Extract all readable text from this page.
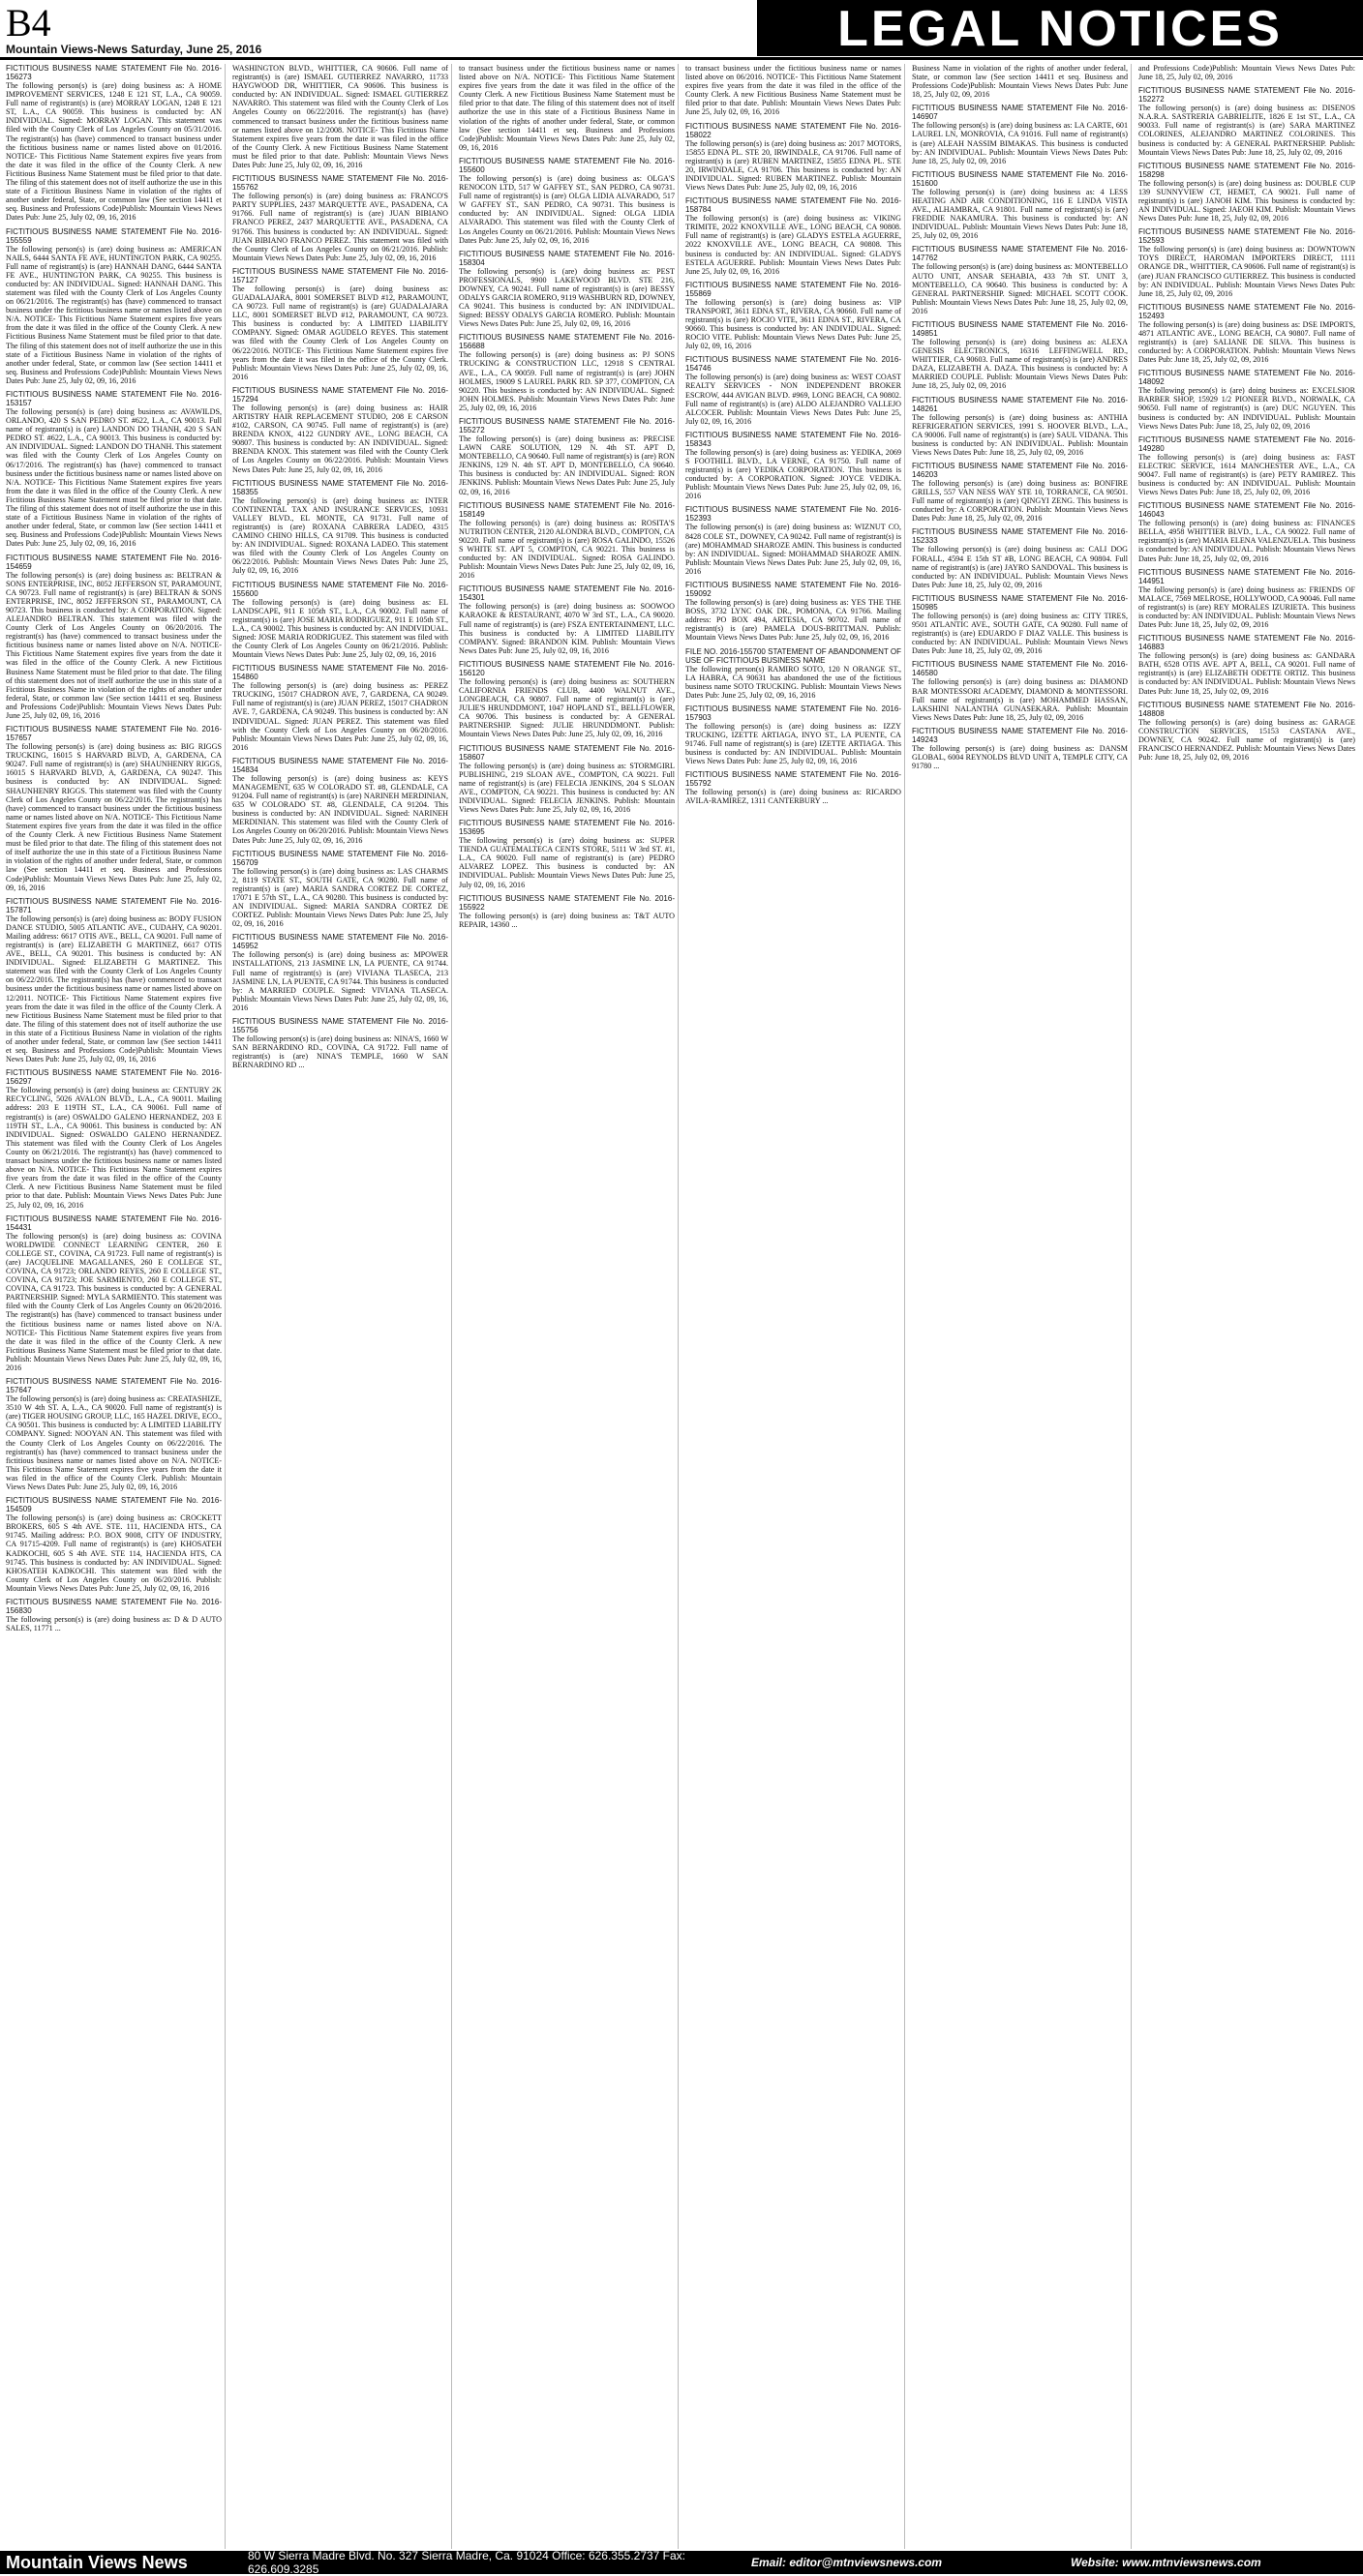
B4
Mountain Views-News Saturday, June 25, 2016	LEGAL NOTICES

FICTITIOUS BUSINESS NAME STATEMENT File No. 2016-156273

The following person(s) is (are) doing business as: A HOME IMPROVEMENT SERVICES, 1248 E 121 ST, L.A., CA 90059. Full name of registrant(s) is (are) MORRAY LOGAN, 1248 E 121 ST, L.A., CA 90059. This business is conducted by: AN INDIVIDUAL. Signed: MORRAY LOGAN. This statement was filed with the County Clerk of Los Angeles County on 05/31/2016. The registrant(s) has (have) commenced to transact business under the fictitious business name or names listed above on 01/2016. NOTICE- This Fictitious Name Statement expires five years from the date it was filed in the office of the County Clerk. A new Fictitious Business Name Statement must be filed prior to that date. The filing of this statement does not of itself authorize the use in this state of a Fictitious Business Name in violation of the rights of another under federal, State, or common law (See section 14411 et seq. Business and Professions Code)Publish: Mountain Views News Dates Pub: June 25, July 02, 09, 16, 2016

FICTITIOUS BUSINESS NAME STATEMENT File No. 2016-155559

The following person(s) is (are) doing business as: AMERICAN NAILS, 6444 SANTA FE AVE, HUNTINGTON PARK, CA 90255. Full name of registrant(s) is (are) HANNAH DANG, 6444 SANTA FE AVE., HUNTINGTON PARK, CA 90255. This business is conducted by: AN INDIVIDUAL. Signed: HANNAH DANG. This statement was filed with the County Clerk of Los Angeles County on 06/21/2016. The registrant(s) has (have) commenced to transact business under the fictitious business name or names listed above on N/A. NOTICE- This Fictitious Name Statement expires five years from the date it was filed in the office of the County Clerk. A new Fictitious Business Name Statement must be filed prior to that date. The filing of this statement does not of itself authorize the use in this state of a Fictitious Business Name in violation of the rights of another under federal, State, or common law (See section 14411 et seq. Business and Professions Code)Publish: Mountain Views News Dates Pub: June 25, July 02, 09, 16, 2016

FICTITIOUS BUSINESS NAME STATEMENT File No. 2016-153157

The following person(s) is (are) doing business as: AVAWILDS, ORLANDO, 420 S SAN PEDRO ST. #622, L.A., CA 90013. Full name of registrant(s) is (are) LANDON DO THANH, 420 S SAN PEDRO ST. #622, L.A., CA 90013. This business is conducted by: AN INDIVIDUAL. Signed: LANDON DO THANH. This statement was filed with the County Clerk of Los Angeles County on 06/17/2016. The registrant(s) has (have) commenced to transact business under the fictitious business name or names listed above on N/A. NOTICE- This Fictitious Name Statement expires five years from the date it was filed in the office of the County Clerk. A new Fictitious Business Name Statement must be filed prior to that date. The filing of this statement does not of itself authorize the use in this state of a Fictitious Business Name in violation of the rights of another under federal, State, or common law (See section 14411 et seq. Business and Professions Code)Publish: Mountain Views News Dates Pub: June 25, July 02, 09, 16, 2016

FICTITIOUS BUSINESS NAME STATEMENT File No. 2016-154659

The following person(s) is (are) doing business as: BELTRAN & SONS ENTERPRISE, INC, 8052 JEFFERSON ST, PARAMOUNT, CA 90723. Full name of registrant(s) is (are) BELTRAN & SONS ENTERPRISE, INC, 8052 JEFFERSON ST., PARAMOUNT, CA 90723. This business is conducted by: A CORPORATION. Signed: ALEJANDRO BELTRAN. This statement was filed with the County Clerk of Los Angeles County on 06/20/2016. The registrant(s) has (have) commenced to transact business under the fictitious business name or names listed above on N/A. NOTICE- This Fictitious Name Statement expires five years from the date it was filed in the office of the County Clerk. A new Fictitious Business Name Statement must be filed prior to that date. The filing of this statement does not of itself authorize the use in this state of a Fictitious Business Name in violation of the rights of another under federal, State, or common law (See section 14411 et seq. Business and Professions Code)Publish: Mountain Views News Dates Pub: June 25, July 02, 09, 16, 2016

FICTITIOUS BUSINESS NAME STATEMENT File No. 2016-157657

The following person(s) is (are) doing business as: BIG RIGGS TRUCKING, 16015 S HARVARD BLVD, A, GARDENA, CA 90247. Full name of registrant(s) is (are) SHAUNHENRY RIGGS, 16015 S HARVARD BLVD, A, GARDENA, CA 90247. This business is conducted by: AN INDIVIDUAL. Signed: SHAUNHENRY RIGGS. This statement was filed with the County Clerk of Los Angeles County on 06/22/2016. The registrant(s) has (have) commenced to transact business under the fictitious business name or names listed above on N/A. NOTICE- This Fictitious Name Statement expires five years from the date it was filed in the office of the County Clerk. A new Fictitious Business Name Statement must be filed prior to that date. The filing of this statement does not of itself authorize the use in this state of a Fictitious Business Name in violation of the rights of another under federal, State, or common law (See section 14411 et seq. Business and Professions Code)Publish: Mountain Views News Dates Pub: June 25, July 02, 09, 16, 2016

FICTITIOUS BUSINESS NAME STATEMENT File No. 2016-157871

The following person(s) is (are) doing business as: BODY FUSION DANCE STUDIO, 5005 ATLANTIC AVE., CUDAHY, CA 90201. Mailing address: 6617 OTIS AVE., BELL, CA 90201. Full name of registrant(s) is (are) ELIZABETH G MARTINEZ, 6617 OTIS AVE., BELL, CA 90201. This business is conducted by: AN INDIVIDUAL. Signed: ELIZABETH G MARTINEZ. This statement was filed with the County Clerk of Los Angeles County on 06/22/2016. The registrant(s) has (have) commenced to transact business under the fictitious business name or names listed above on 12/2011. NOTICE- This Fictitious Name Statement expires five years from the date it was filed in the office of the County Clerk. A new Fictitious Business Name Statement must be filed prior to that date. The filing of this statement does not of itself authorize the use in this state of a Fictitious Business Name in violation of the rights of another under federal, State, or common law (See section 14411 et seq. Business and Professions Code)Publish: Mountain Views News Dates Pub: June 25, July 02, 09, 16, 2016

FICTITIOUS BUSINESS NAME STATEMENT File No. 2016-156297

The following person(s) is (are) doing business as: CENTURY 2K RECYCLING, 5026 AVALON BLVD., L.A., CA 90011. Mailing address: 203 E 119TH ST., L.A., CA 90061. Full name of registrant(s) is (are) OSWALDO GALENO HERNANDEZ, 203 E 119TH ST., L.A., CA 90061. This business is conducted by: AN INDIVIDUAL. Signed: OSWALDO GALENO HERNANDEZ. This statement was filed with the County Clerk of Los Angeles County on 06/21/2016. The registrant(s) has (have) commenced to transact business under the fictitious business name or names listed above on N/A. NOTICE- This Fictitious Name Statement expires five years from the date it was filed in the office of the County Clerk. A new Fictitious Business Name Statement must be filed prior to that date. Publish: Mountain Views News Dates Pub: June 25, July 02, 09, 16, 2016

FICTITIOUS BUSINESS NAME STATEMENT File No. 2016-154431

The following person(s) is (are) doing business as: COVINA WORLDWIDE CONNECT LEARNING CENTER, 260 E COLLEGE ST., COVINA, CA 91723. Full name of registrant(s) is (are) JACQUELINE MAGALLANES, 260 E COLLEGE ST., COVINA, CA 91723; ORLANDO REYES, 260 E COLLEGE ST., COVINA, CA 91723; JOE SARMIENTO, 260 E COLLEGE ST., COVINA, CA 91723. This business is conducted by: A GENERAL PARTNERSHIP. Signed: MYLA SARMIENTO. This statement was filed with the County Clerk of Los Angeles County on 06/20/2016. The registrant(s) has (have) commenced to transact business under the fictitious business name or names listed above on N/A. NOTICE- This Fictitious Name Statement expires five years from the date it was filed in the office of the County Clerk. A new Fictitious Business Name Statement must be filed prior to that date. Publish: Mountain Views News Dates Pub: June 25, July 02, 09, 16, 2016

FICTITIOUS BUSINESS NAME STATEMENT File No. 2016-157647

The following person(s) is (are) doing business as: CREATASHIZE, 3510 W 4th ST. A, L.A., CA 90020. Full name of registrant(s) is (are) TIGER HOUSING GROUP, LLC, 165 HAZEL DRIVE, ECO., CA 90501. This business is conducted by: A LIMITED LIABILITY COMPANY. Signed: NOOYAN AN. This statement was filed with the County Clerk of Los Angeles County on 06/22/2016. The registrant(s) has (have) commenced to transact business under the fictitious business name or names listed above on N/A. NOTICE- This Fictitious Name Statement expires five years from the date it was filed in the office of the County Clerk. Publish: Mountain Views News Dates Pub: June 25, July 02, 09, 16, 2016

FICTITIOUS BUSINESS NAME STATEMENT File No. 2016-154509

The following person(s) is (are) doing business as: CROCKETT BROKERS, 605 S 4th AVE. STE. 111, HACIENDA HTS., CA 91745. Mailing address: P.O. BOX 9008, CITY OF INDUSTRY, CA 91715-4209. Full name of registrant(s) is (are) KHOSATEH KADKOCHI, 605 S 4th AVE. STE 114, HACIENDA HTS, CA 91745. This business is conducted by: AN INDIVIDUAL. Signed: KHOSATEH KADKOCHI. This statement was filed with the County Clerk of Los Angeles County on 06/20/2016. Publish: Mountain Views News Dates Pub: June 25, July 02, 09, 16, 2016

FICTITIOUS BUSINESS NAME STATEMENT File No. 2016-156830

The following person(s) is (are) doing business as: D & D AUTO SALES, 11771 ...

WASHINGTON BLVD., WHITTIER, CA 90606. Full name of registrant(s) is (are) ISMAEL GUTIERREZ NAVARRO, 11733 HAYGWOOD DR, WHITTIER, CA 90606. This business is conducted by: AN INDIVIDUAL. Signed: ISMAEL GUTIERREZ NAVARRO. This statement was filed with the County Clerk of Los Angeles County on 06/22/2016. The registrant(s) has (have) commenced to transact business under the fictitious business name or names listed above on 12/2008. NOTICE- This Fictitious Name Statement expires five years from the date it was filed in the office of the County Clerk. A new Fictitious Business Name Statement must be filed prior to that date. Publish: Mountain Views News Dates Pub: June 25, July 02, 09, 16, 2016

FICTITIOUS BUSINESS NAME STATEMENT File No. 2016-155762

The following person(s) is (are) doing business as: FRANCO'S PARTY SUPPLIES, 2437 MARQUETTE AVE., PASADENA, CA 91766. Full name of registrant(s) is (are) JUAN BIBIANO FRANCO PEREZ, 2437 MARQUETTE AVE., PASADENA, CA 91766. This business is conducted by: AN INDIVIDUAL. Signed: JUAN BIBIANO FRANCO PEREZ. This statement was filed with the County Clerk of Los Angeles County on 06/21/2016. Publish: Mountain Views News Dates Pub: June 25, July 02, 09, 16, 2016

FICTITIOUS BUSINESS NAME STATEMENT File No. 2016-157127

The following person(s) is (are) doing business as: GUADALAJARA, 8001 SOMERSET BLVD #12, PARAMOUNT, CA 90723. Full name of registrant(s) is (are) GUADALAJARA LLC, 8001 SOMERSET BLVD #12, PARAMOUNT, CA 90723. This business is conducted by: A LIMITED LIABILITY COMPANY. Signed: OMAR AGUDELO REYES. This statement was filed with the County Clerk of Los Angeles County on 06/22/2016. NOTICE- This Fictitious Name Statement expires five years from the date it was filed in the office of the County Clerk. Publish: Mountain Views News Dates Pub: June 25, July 02, 09, 16, 2016

FICTITIOUS BUSINESS NAME STATEMENT File No. 2016-157294

The following person(s) is (are) doing business as: HAIR ARTISTRY HAIR REPLACEMENT STUDIO, 208 E CARSON #102, CARSON, CA 90745. Full name of registrant(s) is (are) BRENDA KNOX, 4122 GUNDRY AVE., LONG BEACH, CA 90807. This business is conducted by: AN INDIVIDUAL. Signed: BRENDA KNOX. This statement was filed with the County Clerk of Los Angeles County on 06/22/2016. Publish: Mountain Views News Dates Pub: June 25, July 02, 09, 16, 2016

FICTITIOUS BUSINESS NAME STATEMENT File No. 2016-158355

The following person(s) is (are) doing business as: INTER CONTINENTAL TAX AND INSURANCE SERVICES, 10931 VALLEY BLVD., EL MONTE, CA 91731. Full name of registrant(s) is (are) ROXANA CABRERA LADEO, 4315 CAMINO CHINO HILLS, CA 91709. This business is conducted by: AN INDIVIDUAL. Signed: ROXANA LADEO. This statement was filed with the County Clerk of Los Angeles County on 06/22/2016. Publish: Mountain Views News Dates Pub: June 25, July 02, 09, 16, 2016

FICTITIOUS BUSINESS NAME STATEMENT File No. 2016-155600

The following person(s) is (are) doing business as: EL LANDSCAPE, 911 E 105th ST., L.A., CA 90002. Full name of registrant(s) is (are) JOSE MARIA RODRIGUEZ, 911 E 105th ST., L.A., CA 90002. This business is conducted by: AN INDIVIDUAL. Signed: JOSE MARIA RODRIGUEZ. This statement was filed with the County Clerk of Los Angeles County on 06/21/2016. Publish: Mountain Views News Dates Pub: June 25, July 02, 09, 16, 2016

FICTITIOUS BUSINESS NAME STATEMENT File No. 2016-154860

The following person(s) is (are) doing business as: PEREZ TRUCKING, 15017 CHADRON AVE, 7, GARDENA, CA 90249. Full name of registrant(s) is (are) JUAN PEREZ, 15017 CHADRON AVE. 7, GARDENA, CA 90249. This business is conducted by: AN INDIVIDUAL. Signed: JUAN PEREZ. This statement was filed with the County Clerk of Los Angeles County on 06/20/2016. Publish: Mountain Views News Dates Pub: June 25, July 02, 09, 16, 2016

FICTITIOUS BUSINESS NAME STATEMENT File No. 2016-154834

The following person(s) is (are) doing business as: KEYS MANAGEMENT, 635 W COLORADO ST. #8, GLENDALE, CA 91204. Full name of registrant(s) is (are) NARINEH MERDINIAN, 635 W COLORADO ST. #8, GLENDALE, CA 91204. This business is conducted by: AN INDIVIDUAL. Signed: NARINEH MERDINIAN. This statement was filed with the County Clerk of Los Angeles County on 06/20/2016. Publish: Mountain Views News Dates Pub: June 25, July 02, 09, 16, 2016

FICTITIOUS BUSINESS NAME STATEMENT File No. 2016-156709

The following person(s) is (are) doing business as: LAS CHARMS 2, 8119 STATE ST., SOUTH GATE, CA 90280. Full name of registrant(s) is (are) MARIA SANDRA CORTEZ DE CORTEZ, 17071 E 57th ST., L.A., CA 90280. This business is conducted by: AN INDIVIDUAL. Signed: MARIA SANDRA CORTEZ DE CORTEZ. Publish: Mountain Views News Dates Pub: June 25, July 02, 09, 16, 2016

FICTITIOUS BUSINESS NAME STATEMENT File No. 2016-145952

The following person(s) is (are) doing business as: MPOWER INSTALLATIONS, 213 JASMINE LN, LA PUENTE, CA 91744. Full name of registrant(s) is (are) VIVIANA TLASECA, 213 JASMINE LN, LA PUENTE, CA 91744. This business is conducted by: A MARRIED COUPLE. Signed: VIVIANA TLASECA. Publish: Mountain Views News Dates Pub: June 25, July 02, 09, 16, 2016

FICTITIOUS BUSINESS NAME STATEMENT File No. 2016-155756

The following person(s) is (are) doing business as: NINA'S, 1660 W SAN BERNARDINO RD., COVINA, CA 91722. Full name of registrant(s) is (are) NINA'S TEMPLE, 1660 W SAN BERNARDINO RD ...

to transact business under the fictitious business name or names listed above on N/A. NOTICE- This Fictitious Name Statement expires five years from the date it was filed in the office of the County Clerk. A new Fictitious Business Name Statement must be filed prior to that date. The filing of this statement does not of itself authorize the use in this state of a Fictitious Business Name in violation of the rights of another under federal, State, or common law (See section 14411 et seq. Business and Professions Code)Publish: Mountain Views News Dates Pub: June 25, July 02, 09, 16, 2016

FICTITIOUS BUSINESS NAME STATEMENT File No. 2016-155600

The following person(s) is (are) doing business as: OLGA'S RENOCON LTD, 517 W GAFFEY ST., SAN PEDRO, CA 90731. Full name of registrant(s) is (are) OLGA LIDIA ALVARADO, 517 W GAFFEY ST., SAN PEDRO, CA 90731. This business is conducted by: AN INDIVIDUAL. Signed: OLGA LIDIA ALVARADO. This statement was filed with the County Clerk of Los Angeles County on 06/21/2016. Publish: Mountain Views News Dates Pub: June 25, July 02, 09, 16, 2016

FICTITIOUS BUSINESS NAME STATEMENT File No. 2016-158304

The following person(s) is (are) doing business as: PEST PROFESSIONALS, 9900 LAKEWOOD BLVD. STE 216, DOWNEY, CA 90241. Full name of registrant(s) is (are) BESSY ODALYS GARCIA ROMERO, 9119 WASHBURN RD, DOWNEY, CA 90241. This business is conducted by: AN INDIVIDUAL. Signed: BESSY ODALYS GARCIA ROMERO. Publish: Mountain Views News Dates Pub: June 25, July 02, 09, 16, 2016

FICTITIOUS BUSINESS NAME STATEMENT File No. 2016-156688

The following person(s) is (are) doing business as: PJ SONS TRUCKING & CONSTRUCTION LLC, 12918 S CENTRAL AVE., L.A., CA 90059. Full name of registrant(s) is (are) JOHN HOLMES, 19009 S LAUREL PARK RD. SP 377, COMPTON, CA 90220. This business is conducted by: AN INDIVIDUAL. Signed: JOHN HOLMES. Publish: Mountain Views News Dates Pub: June 25, July 02, 09, 16, 2016

FICTITIOUS BUSINESS NAME STATEMENT File No. 2016-155272

The following person(s) is (are) doing business as: PRECISE LAWN CARE SOLUTION, 129 N. 4th ST. APT D, MONTEBELLO, CA 90640. Full name of registrant(s) is (are) RON JENKINS, 129 N. 4th ST. APT D, MONTEBELLO, CA 90640. This business is conducted by: AN INDIVIDUAL. Signed: RON JENKINS. Publish: Mountain Views News Dates Pub: June 25, July 02, 09, 16, 2016

FICTITIOUS BUSINESS NAME STATEMENT File No. 2016-158149

The following person(s) is (are) doing business as: ROSITA'S NUTRITION CENTER, 2120 ALONDRA BLVD., COMPTON, CA 90220. Full name of registrant(s) is (are) ROSA GALINDO, 15526 S WHITE ST. APT 5, COMPTON, CA 90221. This business is conducted by: AN INDIVIDUAL. Signed: ROSA GALINDO. Publish: Mountain Views News Dates Pub: June 25, July 02, 09, 16, 2016

FICTITIOUS BUSINESS NAME STATEMENT File No. 2016-154301

The following person(s) is (are) doing business as: SOOWOO KARAOKE & RESTAURANT, 4070 W 3rd ST., L.A., CA 90020. Full name of registrant(s) is (are) FSZA ENTERTAINMENT, LLC. This business is conducted by: A LIMITED LIABILITY COMPANY. Signed: BRANDON KIM. Publish: Mountain Views News Dates Pub: June 25, July 02, 09, 16, 2016

FICTITIOUS BUSINESS NAME STATEMENT File No. 2016-156120

The following person(s) is (are) doing business as: SOUTHERN CALIFORNIA FRIENDS CLUB, 4400 WALNUT AVE., LONGBEACH, CA 90807. Full name of registrant(s) is (are) JULIE'S HRUNDDMONT, 1047 HOPLAND ST., BELLFLOWER, CA 90706. This business is conducted by: A GENERAL PARTNERSHIP. Signed: JULIE HRUNDDMONT. Publish: Mountain Views News Dates Pub: June 25, July 02, 09, 16, 2016

FICTITIOUS BUSINESS NAME STATEMENT File No. 2016-158607

The following person(s) is (are) doing business as: STORMGIRL PUBLISHING, 219 SLOAN AVE., COMPTON, CA 90221. Full name of registrant(s) is (are) FELECIA JENKINS, 204 S SLOAN AVE., COMPTON, CA 90221. This business is conducted by: AN INDIVIDUAL. Signed: FELECIA JENKINS. Publish: Mountain Views News Dates Pub: June 25, July 02, 09, 16, 2016

FICTITIOUS BUSINESS NAME STATEMENT File No. 2016-153695

The following person(s) is (are) doing business as: SUPER TIENDA GUATEMALTECA CENTS STORE, 5111 W 3rd ST. #1, L.A., CA 90020. Full name of registrant(s) is (are) PEDRO ALVAREZ LOPEZ. This business is conducted by: AN INDIVIDUAL. Publish: Mountain Views News Dates Pub: June 25, July 02, 09, 16, 2016

FICTITIOUS BUSINESS NAME STATEMENT File No. 2016-155922

The following person(s) is (are) doing business as: T&T AUTO REPAIR, 14360 ...

to transact business under the fictitious business name or names listed above on 06/2016. NOTICE- This Fictitious Name Statement expires five years from the date it was filed in the office of the County Clerk. A new Fictitious Business Name Statement must be filed prior to that date. Publish: Mountain Views News Dates Pub: June 25, July 02, 09, 16, 2016

FICTITIOUS BUSINESS NAME STATEMENT File No. 2016-158022

The following person(s) is (are) doing business as: 2017 MOTORS, 15855 EDNA PL. STE 20, IRWINDALE, CA 91706. Full name of registrant(s) is (are) RUBEN MARTINEZ, 15855 EDNA PL. STE 20, IRWINDALE, CA 91706. This business is conducted by: AN INDIVIDUAL. Signed: RUBEN MARTINEZ. Publish: Mountain Views News Dates Pub: June 25, July 02, 09, 16, 2016

FICTITIOUS BUSINESS NAME STATEMENT File No. 2016-158784

The following person(s) is (are) doing business as: VIKING TRIMITE, 2022 KNOXVILLE AVE., LONG BEACH, CA 90808. Full name of registrant(s) is (are) GLADYS ESTELA AGUERRE, 2022 KNOXVILLE AVE., LONG BEACH, CA 90808. This business is conducted by: AN INDIVIDUAL. Signed: GLADYS ESTELA AGUERRE. Publish: Mountain Views News Dates Pub: June 25, July 02, 09, 16, 2016

FICTITIOUS BUSINESS NAME STATEMENT File No. 2016-155869

The following person(s) is (are) doing business as: VIP TRANSPORT, 3611 EDNA ST., RIVERA, CA 90660. Full name of registrant(s) is (are) ROCIO VITE, 3611 EDNA ST., RIVERA, CA 90660. This business is conducted by: AN INDIVIDUAL. Signed: ROCIO VITE. Publish: Mountain Views News Dates Pub: June 25, July 02, 09, 16, 2016

FICTITIOUS BUSINESS NAME STATEMENT File No. 2016-154746

The following person(s) is (are) doing business as: WEST COAST REALTY SERVICES - NON INDEPENDENT BROKER ESCROW, 444 AVIGAN BLVD. #969, LONG BEACH, CA 90802. Full name of registrant(s) is (are) ALDO ALEJANDRO VALLEJO ALCOCER. Publish: Mountain Views News Dates Pub: June 25, July 02, 09, 16, 2016

FICTITIOUS BUSINESS NAME STATEMENT File No. 2016-158343

The following person(s) is (are) doing business as: YEDIKA, 2069 S FOOTHILL BLVD., LA VERNE, CA 91750. Full name of registrant(s) is (are) YEDIKA CORPORATION. This business is conducted by: A CORPORATION. Signed: JOYCE VEDIKA. Publish: Mountain Views News Dates Pub: June 25, July 02, 09, 16, 2016

FICTITIOUS BUSINESS NAME STATEMENT File No. 2016-152393

The following person(s) is (are) doing business as: WIZNUT CO, 8428 COLE ST., DOWNEY, CA 90242. Full name of registrant(s) is (are) MOHAMMAD SHAROZE AMIN. This business is conducted by: AN INDIVIDUAL. Signed: MOHAMMAD SHAROZE AMIN. Publish: Mountain Views News Dates Pub: June 25, July 02, 09, 16, 2016

FICTITIOUS BUSINESS NAME STATEMENT File No. 2016-159092

The following person(s) is (are) doing business as: YES THE THE BOSS, 3732 LYNC OAK DR., POMONA, CA 91766. Mailing address: PO BOX 494, ARTESIA, CA 90702. Full name of registrant(s) is (are) PAMELA DOUS-BRITTMAN. Publish: Mountain Views News Dates Pub: June 25, July 02, 09, 16, 2016

FILE NO. 2016-155700 STATEMENT OF ABANDONMENT OF USE OF FICTITIOUS BUSINESS NAME

The following person(s) RAMIRO SOTO, 120 N ORANGE ST., LA HABRA, CA 90631 has abandoned the use of the fictitious business name SOTO TRUCKING. Publish: Mountain Views News Dates Pub: June 25, July 02, 09, 16, 2016

FICTITIOUS BUSINESS NAME STATEMENT File No. 2016-157903

The following person(s) is (are) doing business as: IZZY TRUCKING, IZETTE ARTIAGA, INYO ST., LA PUENTE, CA 91746. Full name of registrant(s) is (are) IZETTE ARTIAGA. This business is conducted by: AN INDIVIDUAL. Publish: Mountain Views News Dates Pub: June 25, July 02, 09, 16, 2016

FICTITIOUS BUSINESS NAME STATEMENT File No. 2016-155792

The following person(s) is (are) doing business as: RICARDO AVILA-RAMIREZ, 1311 CANTERBURY ...

Business Name in violation of the rights of another under federal, State, or common law (See section 14411 et seq. Business and Professions Code)Publish: Mountain Views News Dates Pub: June 18, 25, July 02, 09, 2016

FICTITIOUS BUSINESS NAME STATEMENT File No. 2016-146907

The following person(s) is (are) doing business as: LA CARTE, 601 LAUREL LN, MONROVIA, CA 91016. Full name of registrant(s) is (are) ALEAH NASSIM BIMAKAS. This business is conducted by: AN INDIVIDUAL. Publish: Mountain Views News Dates Pub: June 18, 25, July 02, 09, 2016

FICTITIOUS BUSINESS NAME STATEMENT File No. 2016-151600

The following person(s) is (are) doing business as: 4 LESS HEATING AND AIR CONDITIONING, 116 E LINDA VISTA AVE., ALHAMBRA, CA 91801. Full name of registrant(s) is (are) FREDDIE NAKAMURA. This business is conducted by: AN INDIVIDUAL. Publish: Mountain Views News Dates Pub: June 18, 25, July 02, 09, 2016

FICTITIOUS BUSINESS NAME STATEMENT File No. 2016-147762

The following person(s) is (are) doing business as: MONTEBELLO AUTO UNIT, ANSAR SEHABIA, 433 7th ST. UNIT 3, MONTEBELLO, CA 90640. This business is conducted by: A GENERAL PARTNERSHIP. Signed: MICHAEL SCOTT COOK. Publish: Mountain Views News Dates Pub: June 18, 25, July 02, 09, 2016

FICTITIOUS BUSINESS NAME STATEMENT File No. 2016-149851

The following person(s) is (are) doing business as: ALEXA GENESIS ELECTRONICS, 16316 LEFFINGWELL RD., WHITTIER, CA 90603. Full name of registrant(s) is (are) ANDRES DAZA, ELIZABETH A. DAZA. This business is conducted by: A MARRIED COUPLE. Publish: Mountain Views News Dates Pub: June 18, 25, July 02, 09, 2016

FICTITIOUS BUSINESS NAME STATEMENT File No. 2016-148261

The following person(s) is (are) doing business as: ANTHIA REFRIGERATION SERVICES, 1991 S. HOOVER BLVD., L.A., CA 90006. Full name of registrant(s) is (are) SAUL VIDANA. This business is conducted by: AN INDIVIDUAL. Publish: Mountain Views News Dates Pub: June 18, 25, July 02, 09, 2016

FICTITIOUS BUSINESS NAME STATEMENT File No. 2016-146203

The following person(s) is (are) doing business as: BONFIRE GRILLS, 557 VAN NESS WAY STE 10, TORRANCE, CA 90501. Full name of registrant(s) is (are) QINGYI ZENG. This business is conducted by: A CORPORATION. Publish: Mountain Views News Dates Pub: June 18, 25, July 02, 09, 2016

FICTITIOUS BUSINESS NAME STATEMENT File No. 2016-152333

The following person(s) is (are) doing business as: CALI DOG FORALL, 4594 E 15th ST #B, LONG BEACH, CA 90804. Full name of registrant(s) is (are) JAYRO SANDOVAL. This business is conducted by: AN INDIVIDUAL. Publish: Mountain Views News Dates Pub: June 18, 25, July 02, 09, 2016

FICTITIOUS BUSINESS NAME STATEMENT File No. 2016-150985

The following person(s) is (are) doing business as: CITY TIRES, 9501 ATLANTIC AVE., SOUTH GATE, CA 90280. Full name of registrant(s) is (are) EDUARDO F DIAZ VALLE. This business is conducted by: AN INDIVIDUAL. Publish: Mountain Views News Dates Pub: June 18, 25, July 02, 09, 2016

FICTITIOUS BUSINESS NAME STATEMENT File No. 2016-146580

The following person(s) is (are) doing business as: DIAMOND BAR MONTESSORI ACADEMY, DIAMOND & MONTESSORI. Full name of registrant(s) is (are) MOHAMMED HASSAN, LAKSHINI NALANTHA GUNASEKARA. Publish: Mountain Views News Dates Pub: June 18, 25, July 02, 09, 2016

FICTITIOUS BUSINESS NAME STATEMENT File No. 2016-149243

The following person(s) is (are) doing business as: DANSM GLOBAL, 6004 REYNOLDS BLVD UNIT A, TEMPLE CITY, CA 91780 ...

and Professions Code)Publish: Mountain Views News Dates Pub: June 18, 25, July 02, 09, 2016

FICTITIOUS BUSINESS NAME STATEMENT File No. 2016-152272

The following person(s) is (are) doing business as: DISENOS N.A.R.A. SASTRERIA GABRIELITE, 1826 E 1st ST., L.A., CA 90033. Full name of registrant(s) is (are) SARA MARTINEZ COLORINES, ALEJANDRO MARTINEZ COLORINES. This business is conducted by: A GENERAL PARTNERSHIP. Publish: Mountain Views News Dates Pub: June 18, 25, July 02, 09, 2016

FICTITIOUS BUSINESS NAME STATEMENT File No. 2016-158298

The following person(s) is (are) doing business as: DOUBLE CUP 139 SUNNYVIEW CT, HEMET, CA 90021. Full name of registrant(s) is (are) JANOH KIM. This business is conducted by: AN INDIVIDUAL. Signed: JAEOH KIM. Publish: Mountain Views News Dates Pub: June 18, 25, July 02, 09, 2016

FICTITIOUS BUSINESS NAME STATEMENT File No. 2016-152593

The following person(s) is (are) doing business as: DOWNTOWN TOYS DIRECT, HAROMAN IMPORTERS DIRECT, 1111 ORANGE DR., WHITTIER, CA 90606. Full name of registrant(s) is (are) JUAN FRANCISCO GUTIERREZ. This business is conducted by: AN INDIVIDUAL. Publish: Mountain Views News Dates Pub: June 18, 25, July 02, 09, 2016

FICTITIOUS BUSINESS NAME STATEMENT File No. 2016-152493

The following person(s) is (are) doing business as: DSE IMPORTS, 4871 ATLANTIC AVE., LONG BEACH, CA 90807. Full name of registrant(s) is (are) SALIANE DE SILVA. This business is conducted by: A CORPORATION. Publish: Mountain Views News Dates Pub: June 18, 25, July 02, 09, 2016

FICTITIOUS BUSINESS NAME STATEMENT File No. 2016-148092

The following person(s) is (are) doing business as: EXCELSIOR BARBER SHOP, 15929 1/2 PIONEER BLVD., NORWALK, CA 90650. Full name of registrant(s) is (are) DUC NGUYEN. This business is conducted by: AN INDIVIDUAL. Publish: Mountain Views News Dates Pub: June 18, 25, July 02, 09, 2016

FICTITIOUS BUSINESS NAME STATEMENT File No. 2016-149280

The following person(s) is (are) doing business as: FAST ELECTRIC SERVICE, 1614 MANCHESTER AVE., L.A., CA 90047. Full name of registrant(s) is (are) PETY RAMIREZ. This business is conducted by: AN INDIVIDUAL. Publish: Mountain Views News Dates Pub: June 18, 25, July 02, 09, 2016

FICTITIOUS BUSINESS NAME STATEMENT File No. 2016-146043

The following person(s) is (are) doing business as: FINANCES BELLA, 4958 WHITTIER BLVD., L.A., CA 90022. Full name of registrant(s) is (are) MARIA ELENA VALENZUELA. This business is conducted by: AN INDIVIDUAL. Publish: Mountain Views News Dates Pub: June 18, 25, July 02, 09, 2016

FICTITIOUS BUSINESS NAME STATEMENT File No. 2016-144951

The following person(s) is (are) doing business as: FRIENDS OF MALACE, 7569 MELROSE, HOLLYWOOD, CA 90046. Full name of registrant(s) is (are) REY MORALES IZURIETA. This business is conducted by: AN INDIVIDUAL. Publish: Mountain Views News Dates Pub: June 18, 25, July 02, 09, 2016

FICTITIOUS BUSINESS NAME STATEMENT File No. 2016-146883

The following person(s) is (are) doing business as: GANDARA BATH, 6528 OTIS AVE. APT A, BELL, CA 90201. Full name of registrant(s) is (are) ELIZABETH ODETTE ORTIZ. This business is conducted by: AN INDIVIDUAL. Publish: Mountain Views News Dates Pub: June 18, 25, July 02, 09, 2016

FICTITIOUS BUSINESS NAME STATEMENT File No. 2016-148808

The following person(s) is (are) doing business as: GARAGE CONSTRUCTION SERVICES, 15153 CASTANA AVE., DOWNEY, CA 90242. Full name of registrant(s) is (are) FRANCISCO HERNANDEZ. Publish: Mountain Views News Dates Pub: June 18, 25, July 02, 09, 2016

Mountain Views News	80 W Sierra Madre Blvd. No. 327 Sierra Madre, Ca. 91024 Office: 626.355.2737 Fax: 626.609.3285	Email: editor@mtnviewsnews.com	Website: www.mtnviewsnews.com
